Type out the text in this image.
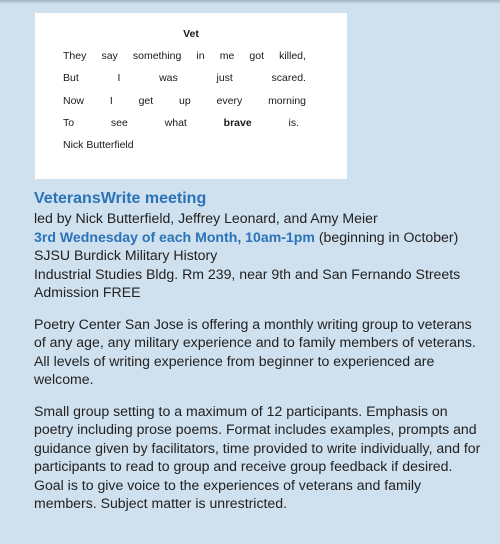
Vet
They say something in me got killed,
But	I	was	just	scared.
Now I get up every morning
To	see	what	brave	is.
Nick Butterfield

VeteransWrite meeting

led by Nick Butterfield, Jeffrey Leonard, and Amy Meier

3rd Wednesday of each Month, 10am-1pm (beginning in October)

SJSU Burdick Military History

Industrial Studies Bldg. Rm 239, near 9th and San Fernando Streets

Admission FREE

Poetry Center San Jose is offering a monthly writing group to veterans of any age, any military experience and to family members of veterans. All levels of writing experience from beginner to experienced are welcome.

Small group setting to a maximum of 12 participants. Emphasis on poetry including prose poems. Format includes examples, prompts and guidance given by facilitators, time provided to write individually, and for participants to read to group and receive group feedback if desired. Goal is to give voice to the experiences of veterans and family members. Subject matter is unrestricted.
